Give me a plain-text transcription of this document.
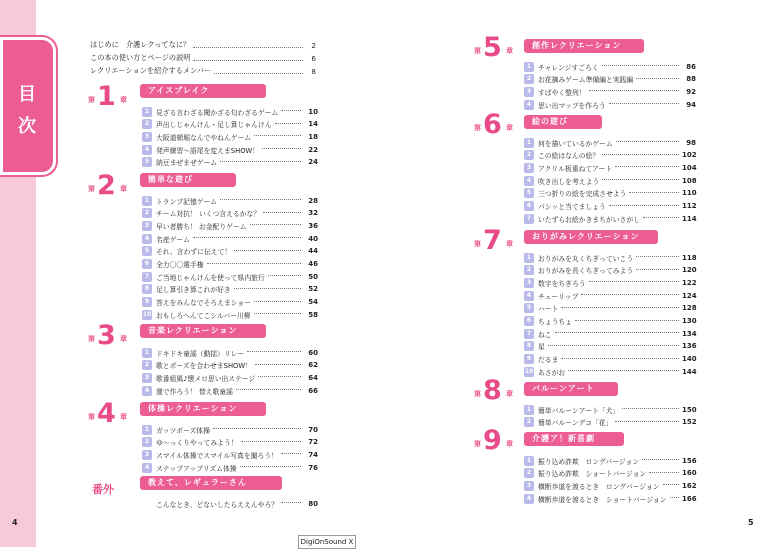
目
次
4	5
DigiOnSound X
はじめに　介護レクってなに？	2
この本の使い方とページの説明	6
レクリエーションを紹介するメンバー	8
第 1 章
アイスブレイク
1	見ざる言わざる聞かざる匂わざるゲーム	10
2	声出しじゃんけん・足し算じゃんけん	14
3	大阪道頓堀なんでやねんゲーム	18
4	発声練習～語尾を変えまSHOW！	22
5	納豆まぜまぜゲーム	24
第 2 章
簡単な遊び
1	トランプ記憶ゲーム	28
2	チーム対抗！ いくつ言えるかな？	32
3	早い者勝ち！ お金配りゲーム	36
4	名産ゲーム	40
5	それ、言わずに伝えて！	44
6	全力〇〇選手権	46
7	ご当地じゃんけんを使って県内旅行	50
8	足し算引き算これが好き	52
9	答えをみんなでそろえまショー	54
10 おもしろへんてこシルバー川柳	58
第 3 章
音楽レクリエーション
1	ドキドキ童謡（動揺）リレー	60
2	歌とポーズを合わせまSHOW！	62
3	歌番組風♪懐メロ思い出ステージ	64
4	運で作ろう！ 替え歌童謡	66
第 4 章
体操レクリエーション
1	ガッツポーズ体操	70
2	ゆ～っくりやってみよう！	72
3	スマイル体操でスマイル写真を撮ろう！	74
4	ステップアップリズム体操	76
番外
教えて、レギュラーさん
こんなとき、どないしたらええんやろ？	80
第 5 章
創作レクリエーション
1	チャレンジすごろく	86
2	お花摘みゲーム準備編と実践編	88
3	すばやく整列！	92
4	思い出マップを作ろう	94
第 6 章
絵の遊び
1	何を描いているかゲーム	98
2	この絵はなんの絵？	102
3	アクリル板重ねてアート	104
4	吹き出しを考えよう	108
5	三つ折りの絵を完成させよう	110
6	パシッと当てましょう	112
7	いたずらお絵かきまちがいさがし	114
第 7 章
おりがみレクリエーション
1	おりがみを丸くちぎっていこう	118
2	おりがみを長くちぎってみよう	120
3	数字をちぎろう	122
4	チューリップ	124
5	ハート	128
6	ちょうちょ	130
7	ねこ	134
8	星	136
9	だるま	140
10 あさがお	144
第 8 章
バルーンアート
1	簡単バルーンアート「犬」	150
2	簡単バルーンデコ「花」	152
第 9 章
介護ア！新喜劇
1	振り込め詐欺　ロングバージョン	156
2	振り込め詐欺　ショートバージョン	160
3	横断歩道を渡るとき　ロングバージョン	162
4	横断歩道を渡るとき　ショートバージョン 166
